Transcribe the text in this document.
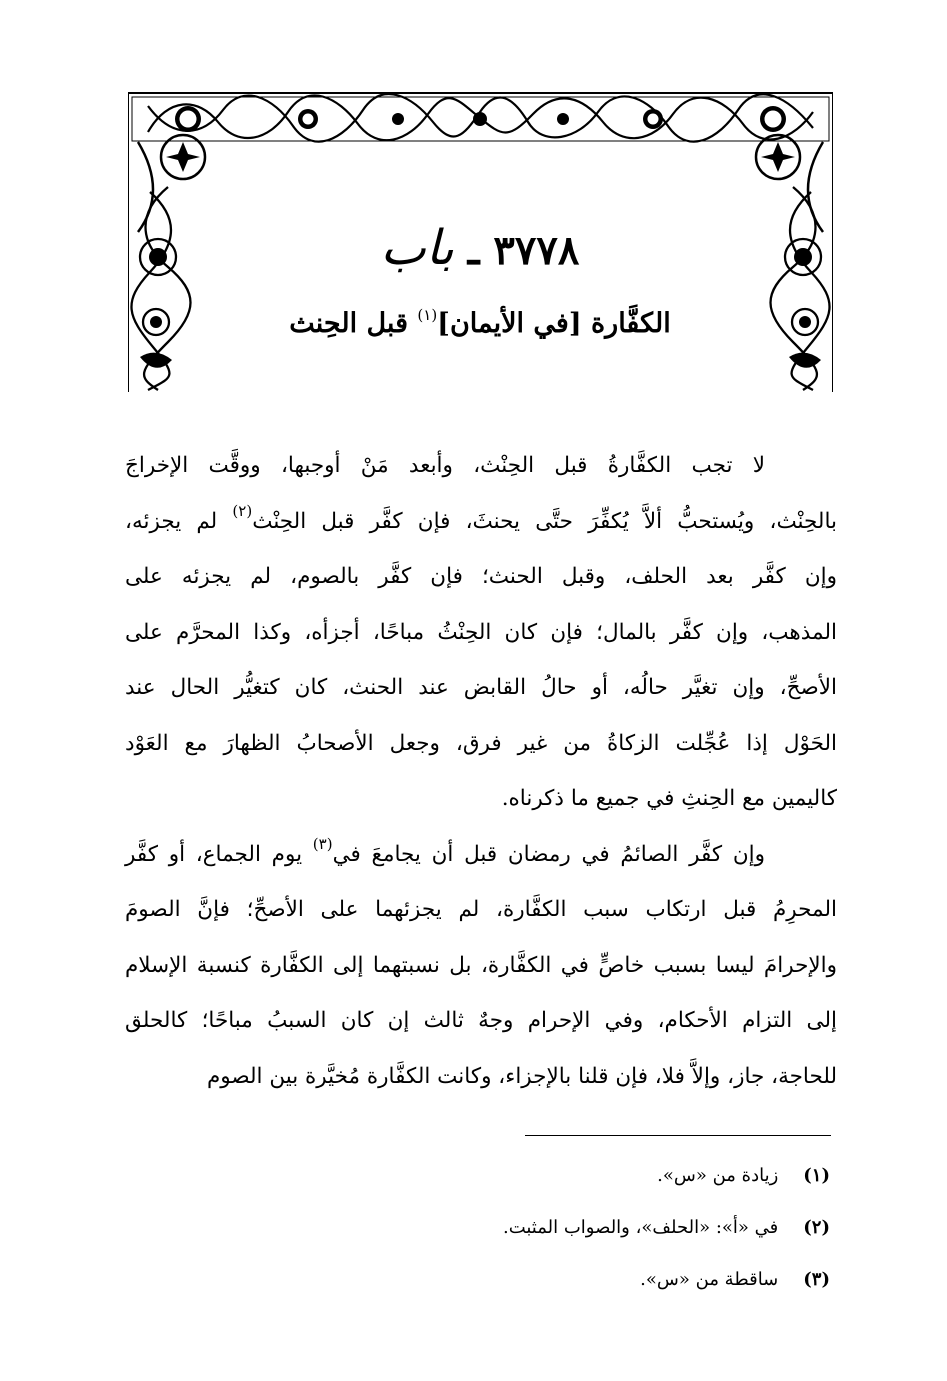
٣٧٧٨ ـ باب
الكفَّارة [في الأيمان]$^{(١)}$ قبل الحِنث
لا تجب الكفَّارةُ قبل الحِنْث، وأبعد مَنْ أوجبها، ووقَّت الإخراجَ
بالحِنْث، ويُستحبُّ ألاَّ يُكفِّرَ حتَّى يحنثَ، فإن كفَّر قبل الحِنْث$^{(٢)}$ لم يجزئه،
وإن كفَّر بعد الحلف، وقبل الحنث؛ فإن كفَّر بالصوم، لم يجزئه على
المذهب، وإن كفَّر بالمال؛ فإن كان الحِنْثُ مباحًا، أجزأه، وكذا المحرَّم على
الأصحِّ، وإن تغيَّر حالُه، أو حالُ القابض عند الحنث، كان كتغيُّر الحال عند
الحَوْل إذا عُجِّلت الزكاةُ من غير فرق، وجعل الأصحابُ الظهارَ مع العَوْد
كاليمين مع الحِنثِ في جميع ما ذكرناه.
وإن كفَّر الصائمُ في رمضان قبل أن يجامعَ في$^{(٣)}$ يوم الجماع، أو كفَّر
المحرِمُ قبل ارتكاب سبب الكفَّارة، لم يجزئهما على الأصحِّ؛ فإنَّ الصومَ
والإحرامَ ليسا بسبب خاصٍّ في الكفَّارة، بل نسبتهما إلى الكفَّارة كنسبة الإسلام
إلى التزام الأحكام، وفي الإحرام وجهٌ ثالث إن كان السببُ مباحًا؛ كالحلق
للحاجة، جاز، وإلاَّ فلا، فإن قلنا بالإجزاء، وكانت الكفَّارة مُخيَّرة بين الصوم
(١) زيادة من «س».
(٢) في «أ»: «الحلف»، والصواب المثبت.
(٣) ساقطة من «س».
